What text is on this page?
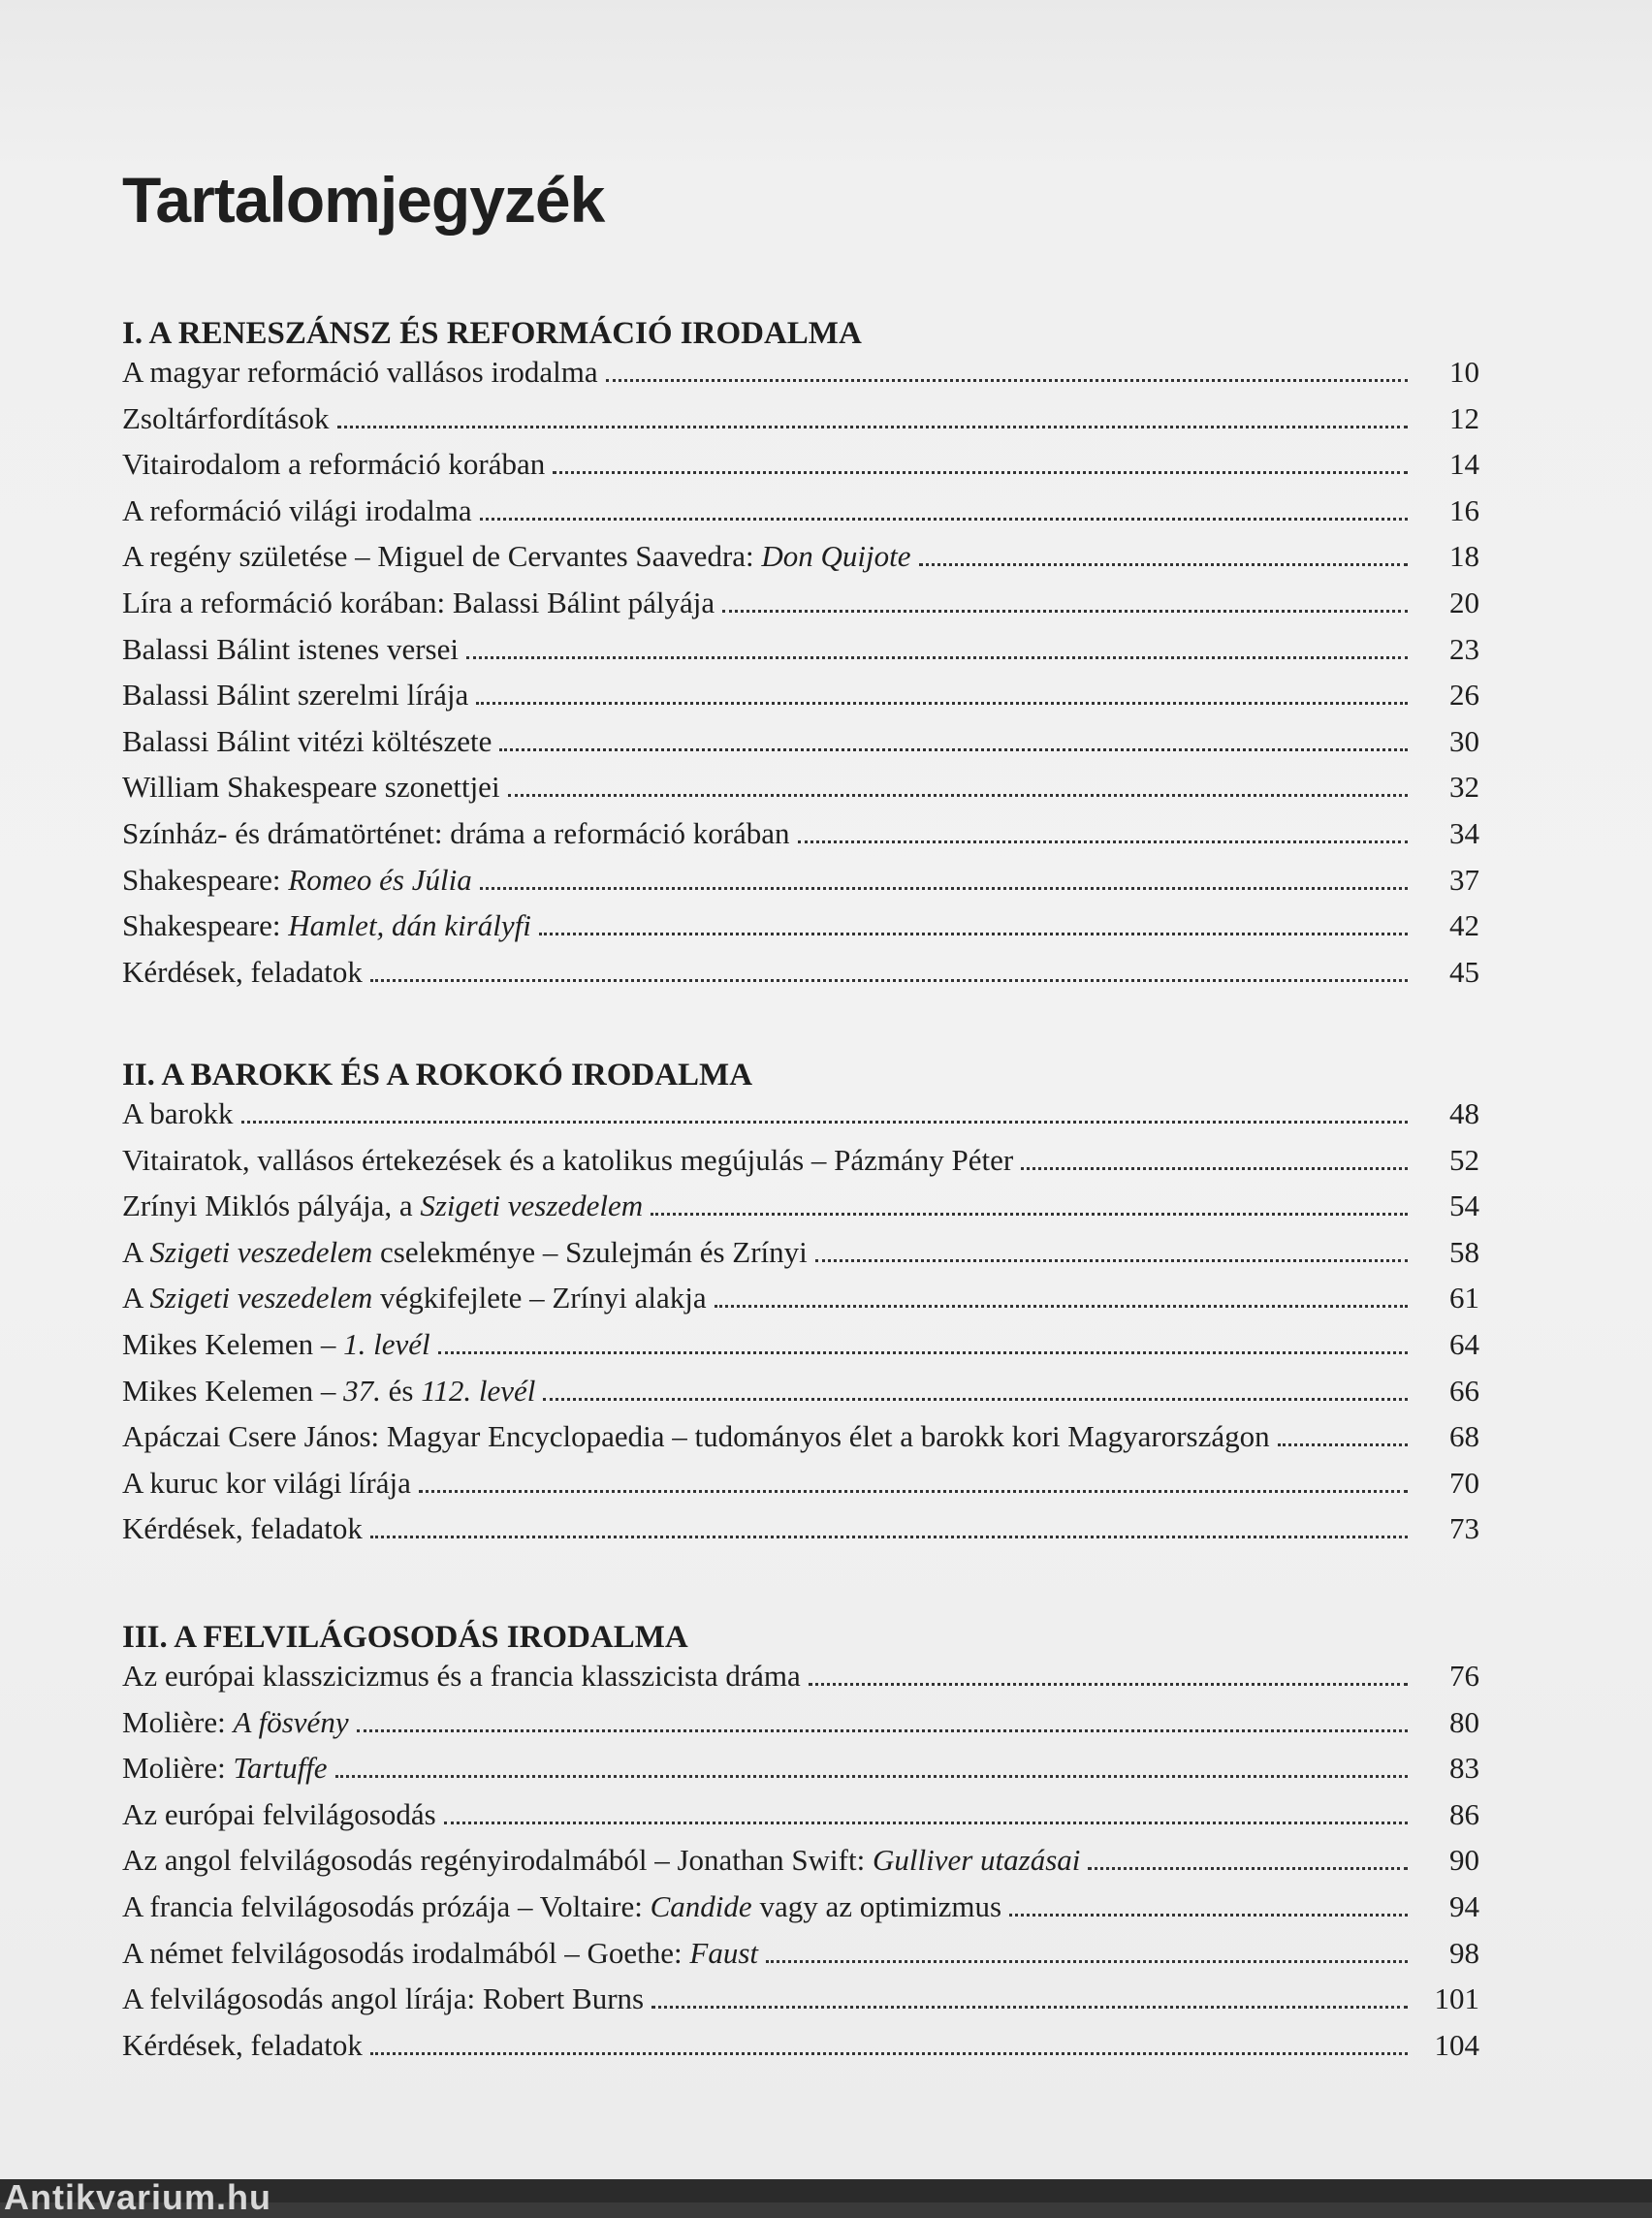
Tartalomjegyzék
I. A RENESZÁNSZ ÉS REFORMÁCIÓ IRODALMA
A magyar reformáció vallásos irodalma	10
Zsoltárfordítások	12
Vitairodalom a reformáció korában	14
A reformáció világi irodalma	16
A regény születése – Miguel de Cervantes Saavedra: Don Quijote	18
Líra a reformáció korában: Balassi Bálint pályája	20
Balassi Bálint istenes versei	23
Balassi Bálint szerelmi lírája	26
Balassi Bálint vitézi költészete	30
William Shakespeare szonettjei	32
Színház- és drámatörténet: dráma a reformáció korában	34
Shakespeare: Romeo és Júlia	37
Shakespeare: Hamlet, dán királyfi	42
Kérdések, feladatok	45
II. A BAROKK ÉS A ROKOKÓ IRODALMA
A barokk	48
Vitairatok, vallásos értekezések és a katolikus megújulás – Pázmány Péter	52
Zrínyi Miklós pályája, a Szigeti veszedelem	54
A Szigeti veszedelem cselekménye – Szulejmán és Zrínyi	58
A Szigeti veszedelem végkifejlete – Zrínyi alakja	61
Mikes Kelemen – 1. levél	64
Mikes Kelemen – 37. és 112. levél	66
Apáczai Csere János: Magyar Encyclopaedia – tudományos élet a barokk kori Magyarországon	68
A kuruc kor világi lírája	70
Kérdések, feladatok	73
III. A FELVILÁGOSODÁS IRODALMA
Az európai klasszicizmus és a francia klasszicista dráma	76
Molière: A fösvény	80
Molière: Tartuffe	83
Az európai felvilágosodás	86
Az angol felvilágosodás regényirodalmából – Jonathan Swift: Gulliver utazásai	90
A francia felvilágosodás prózája – Voltaire: Candide vagy az optimizmus	94
A német felvilágosodás irodalmából – Goethe: Faust	98
A felvilágosodás angol lírája: Robert Burns	101
Kérdések, feladatok	104
Antikvarium.hu
